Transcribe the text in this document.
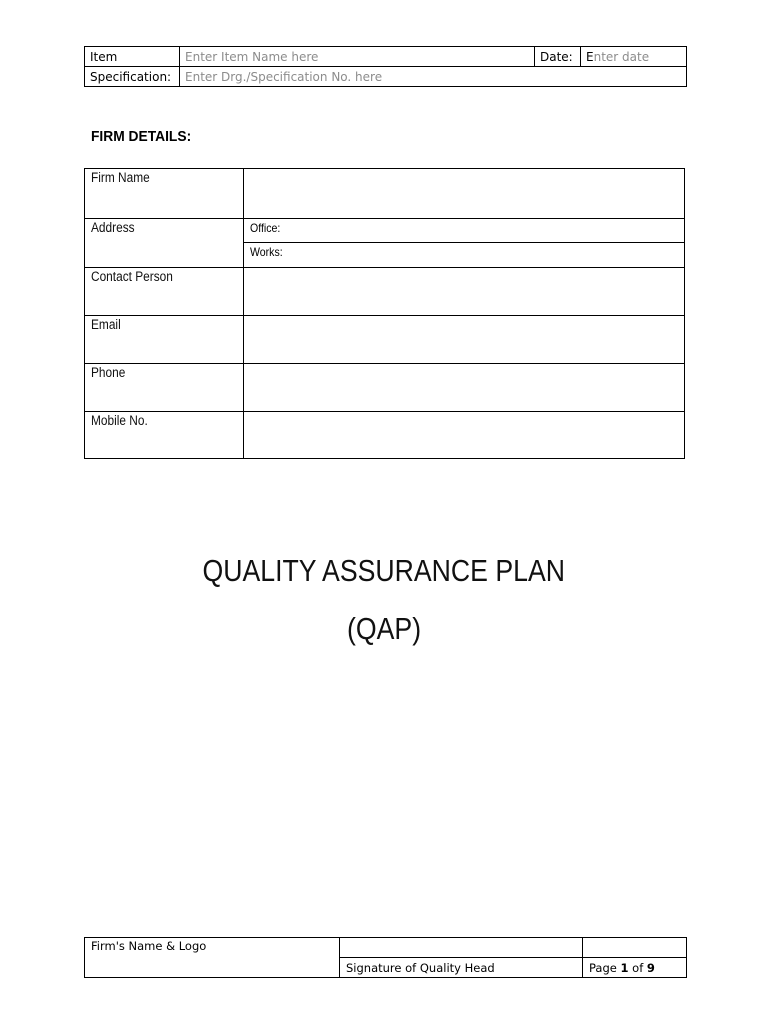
Item	Enter Item Name here	Date:	Enter date
Specification:	Enter Drg./Specification No. here		
FIRM DETAILS:
Firm Name	
Address	Office:
	Works:
Contact Person	
Email	
Phone	
Mobile No.	
QUALITY ASSURANCE PLAN
(QAP)
Firm's Name & Logo		
	Signature of Quality Head	Page 1 of 9
